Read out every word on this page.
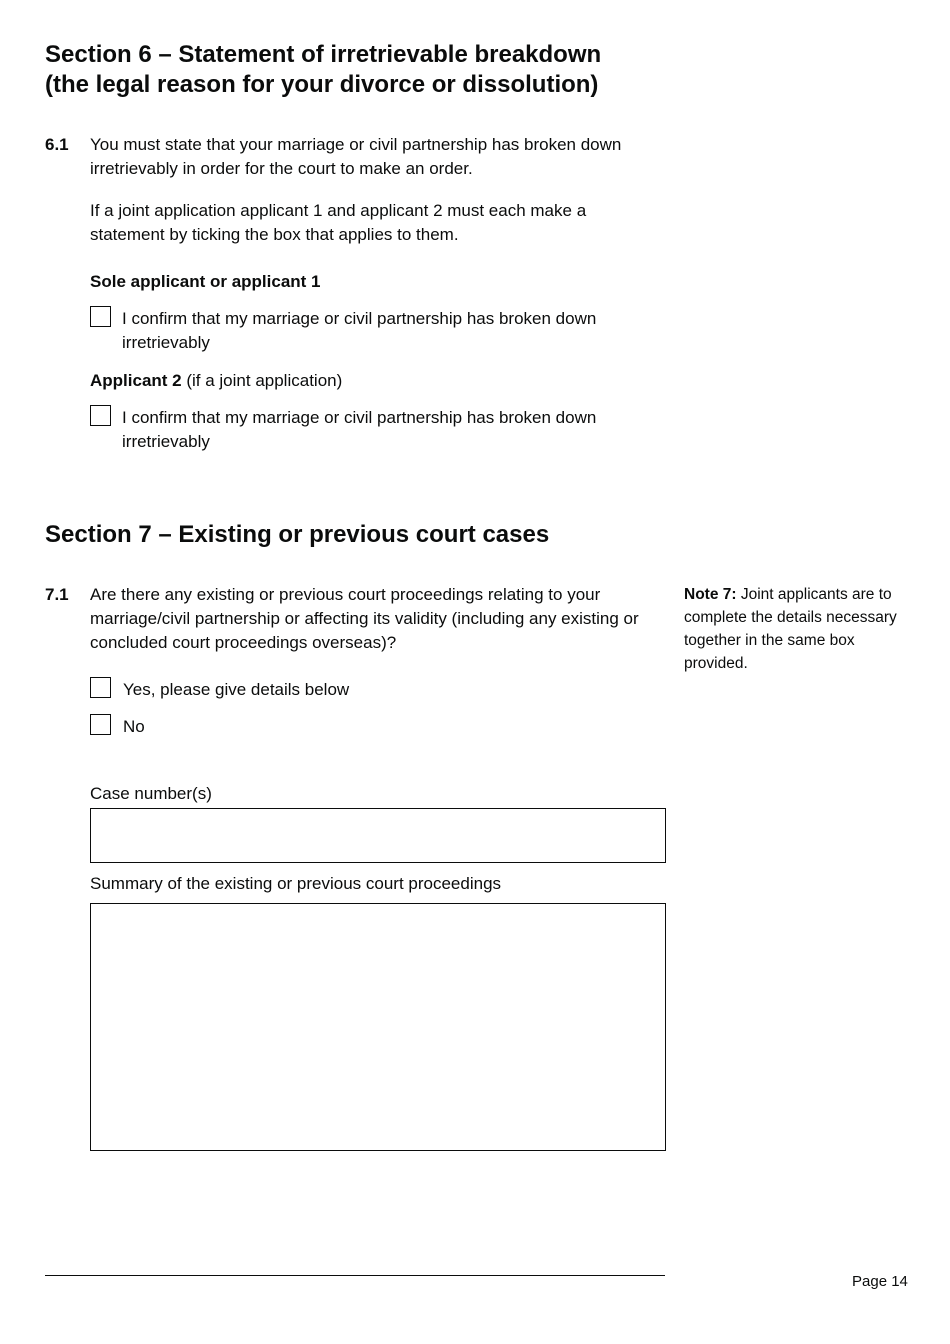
Section 6 – Statement of irretrievable breakdown
(the legal reason for your divorce or dissolution)
6.1 You must state that your marriage or civil partnership has broken down irretrievably in order for the court to make an order.
If a joint application applicant 1 and applicant 2 must each make a statement by ticking the box that applies to them.
Sole applicant or applicant 1
I confirm that my marriage or civil partnership has broken down
irretrievably
Applicant 2 (if a joint application)
I confirm that my marriage or civil partnership has broken down
irretrievably
Section 7 – Existing or previous court cases
7.1 Are there any existing or previous court proceedings relating to your marriage/civil partnership or affecting its validity (including any existing or concluded court proceedings overseas)?
Note 7: Joint applicants are to complete the details necessary together in the same box provided.
Yes, please give details below
No
Case number(s)
Summary of the existing or previous court proceedings
Page 14
